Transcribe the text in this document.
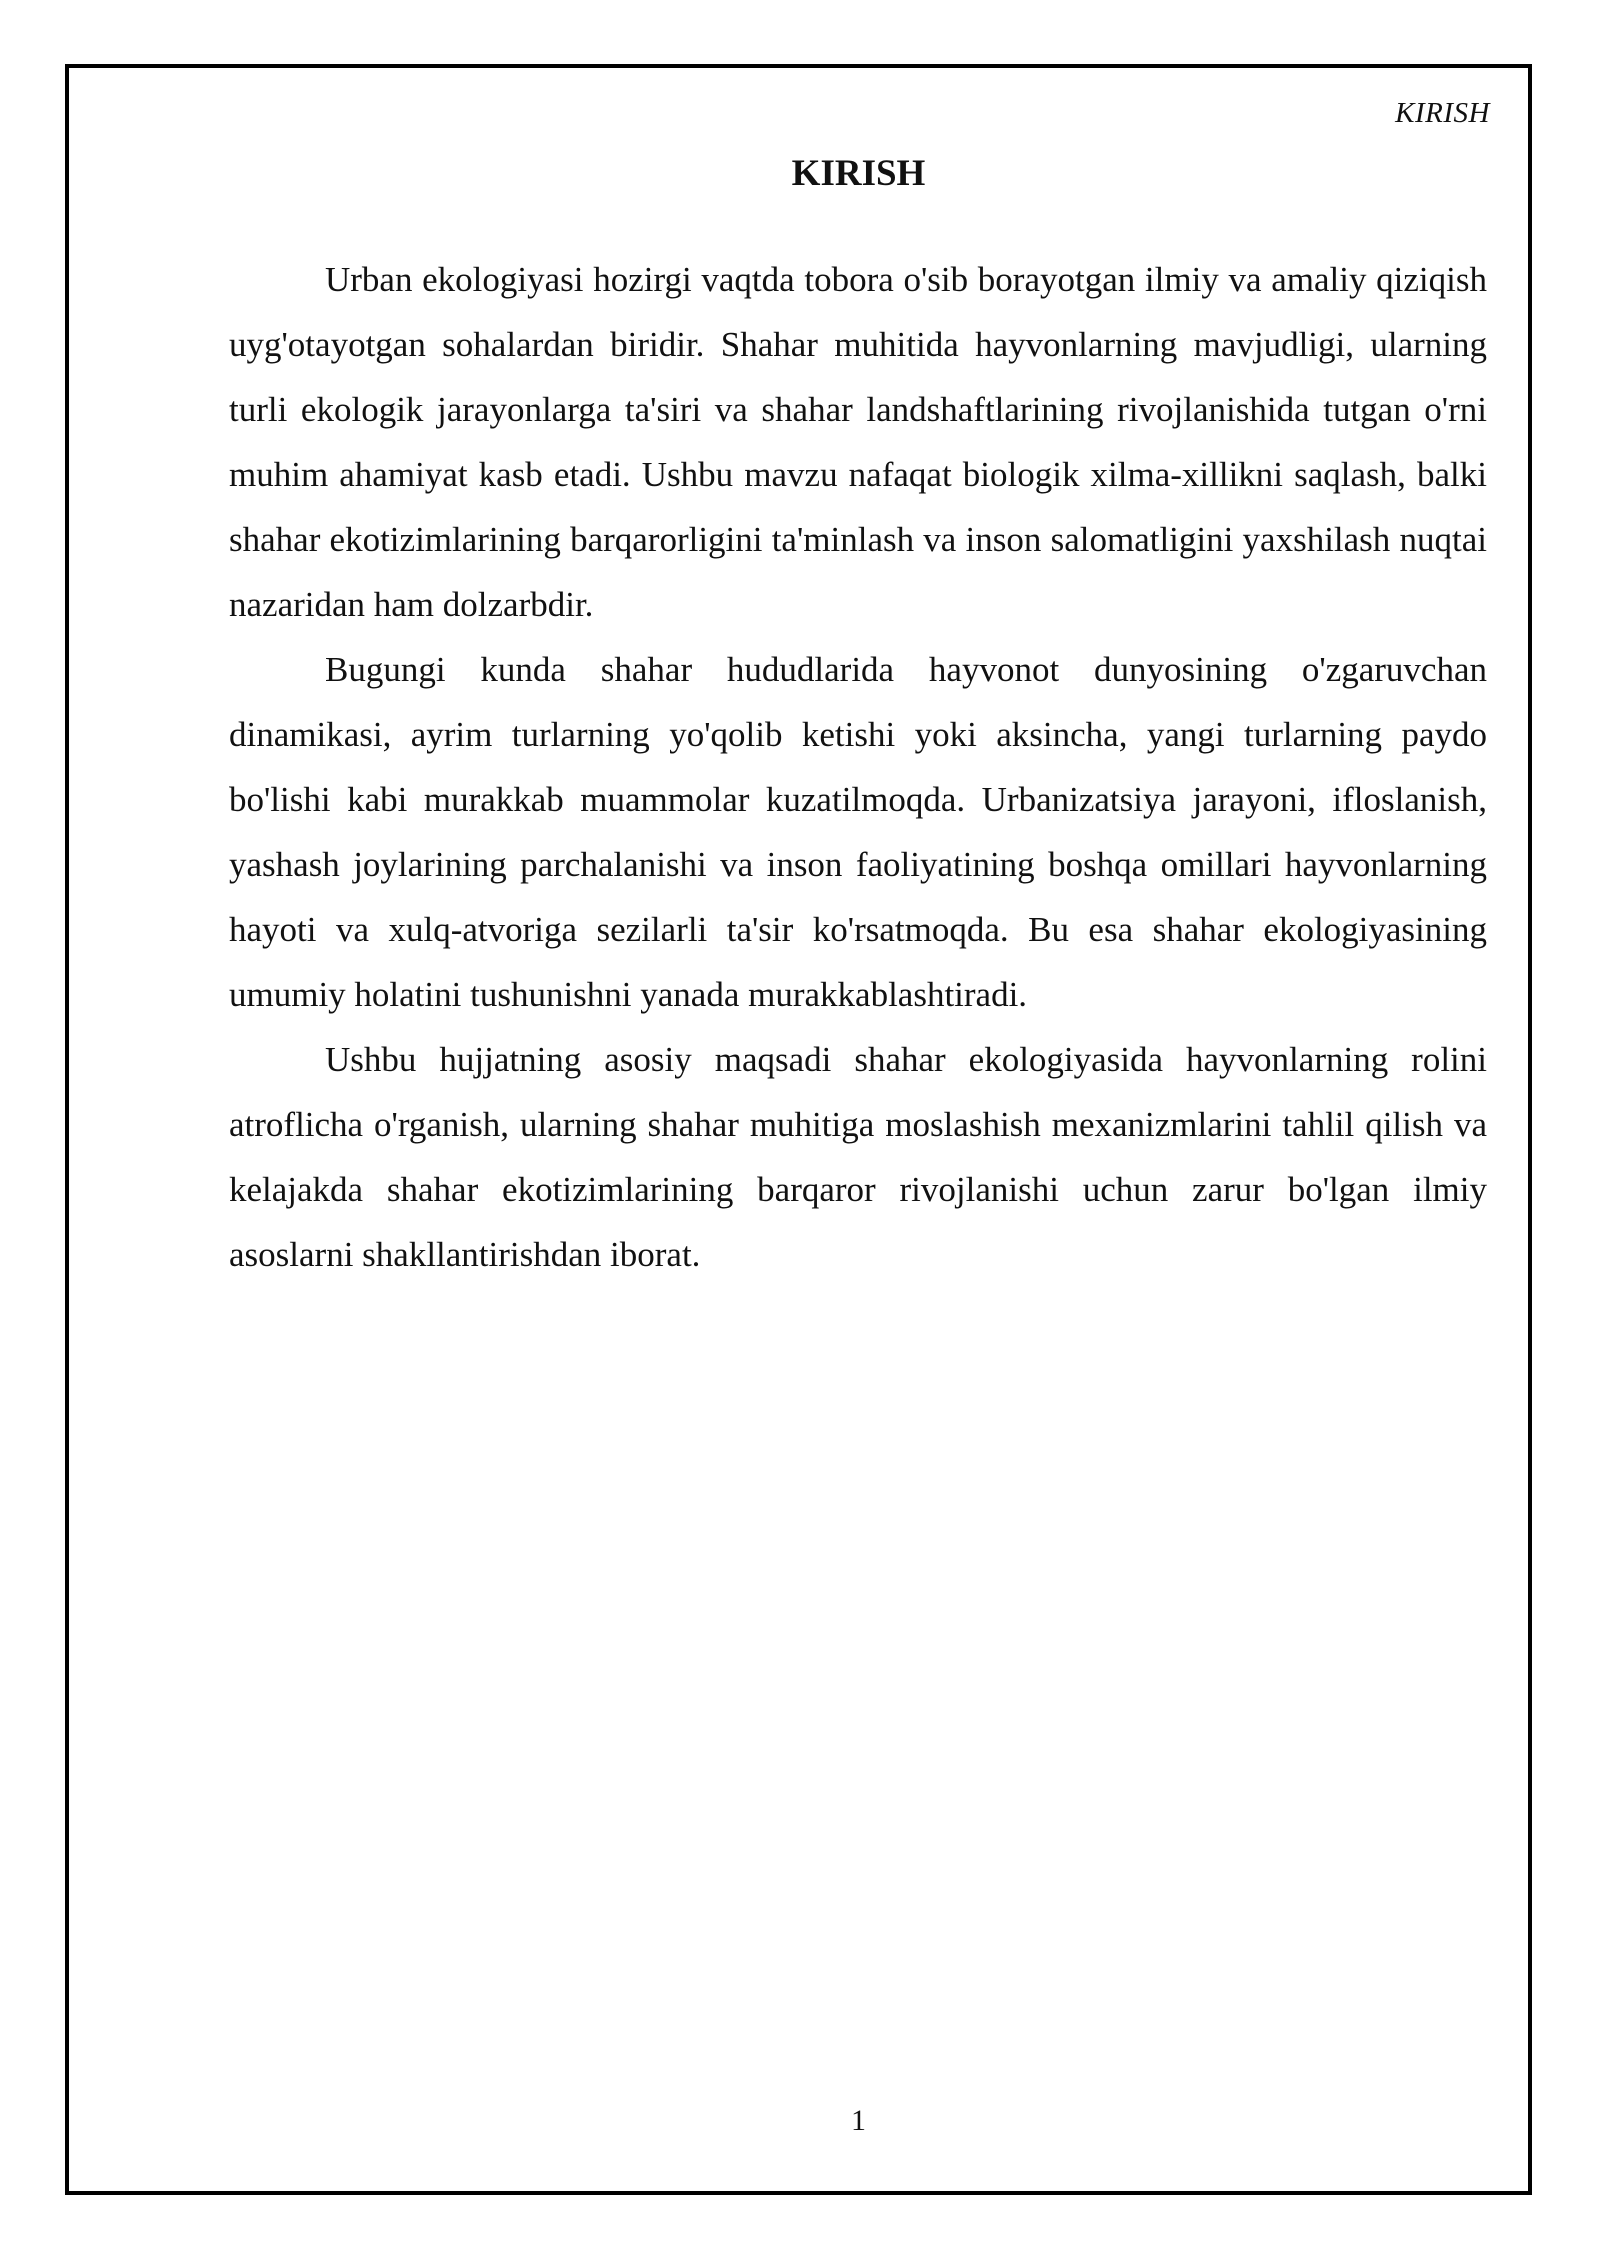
KIRISH
KIRISH

Urban ekologiyasi hozirgi vaqtda tobora o'sib borayotgan ilmiy va amaliy qiziqish uyg'otayotgan sohalardan biridir. Shahar muhitida hayvonlarning mavjudligi, ularning turli ekologik jarayonlarga ta'siri va shahar landshaftlarining rivojlanishida tutgan o'rni muhim ahamiyat kasb etadi. Ushbu mavzu nafaqat biologik xilma-xillikni saqlash, balki shahar ekotizimlarining barqarorligini ta'minlash va inson salomatligini yaxshilash nuqtai nazaridan ham dolzarbdir.

Bugungi kunda shahar hududlarida hayvonot dunyosining o'zgaruvchan dinamikasi, ayrim turlarning yo'qolib ketishi yoki aksincha, yangi turlarning paydo bo'lishi kabi murakkab muammolar kuzatilmoqda. Urbanizatsiya jarayoni, ifloslanish, yashash joylarining parchalanishi va inson faoliyatining boshqa omillari hayvonlarning hayoti va xulq-atvoriga sezilarli ta'sir ko'rsatmoqda. Bu esa shahar ekologiyasining umumiy holatini tushunishni yanada murakkablashtiradi.

Ushbu hujjatning asosiy maqsadi shahar ekologiyasida hayvonlarning rolini atroflicha o'rganish, ularning shahar muhitiga moslashish mexanizmlarini tahlil qilish va kelajakda shahar ekotizimlarining barqaror rivojlanishi uchun zarur bo'lgan ilmiy asoslarni shakllantirishdan iborat.

1
